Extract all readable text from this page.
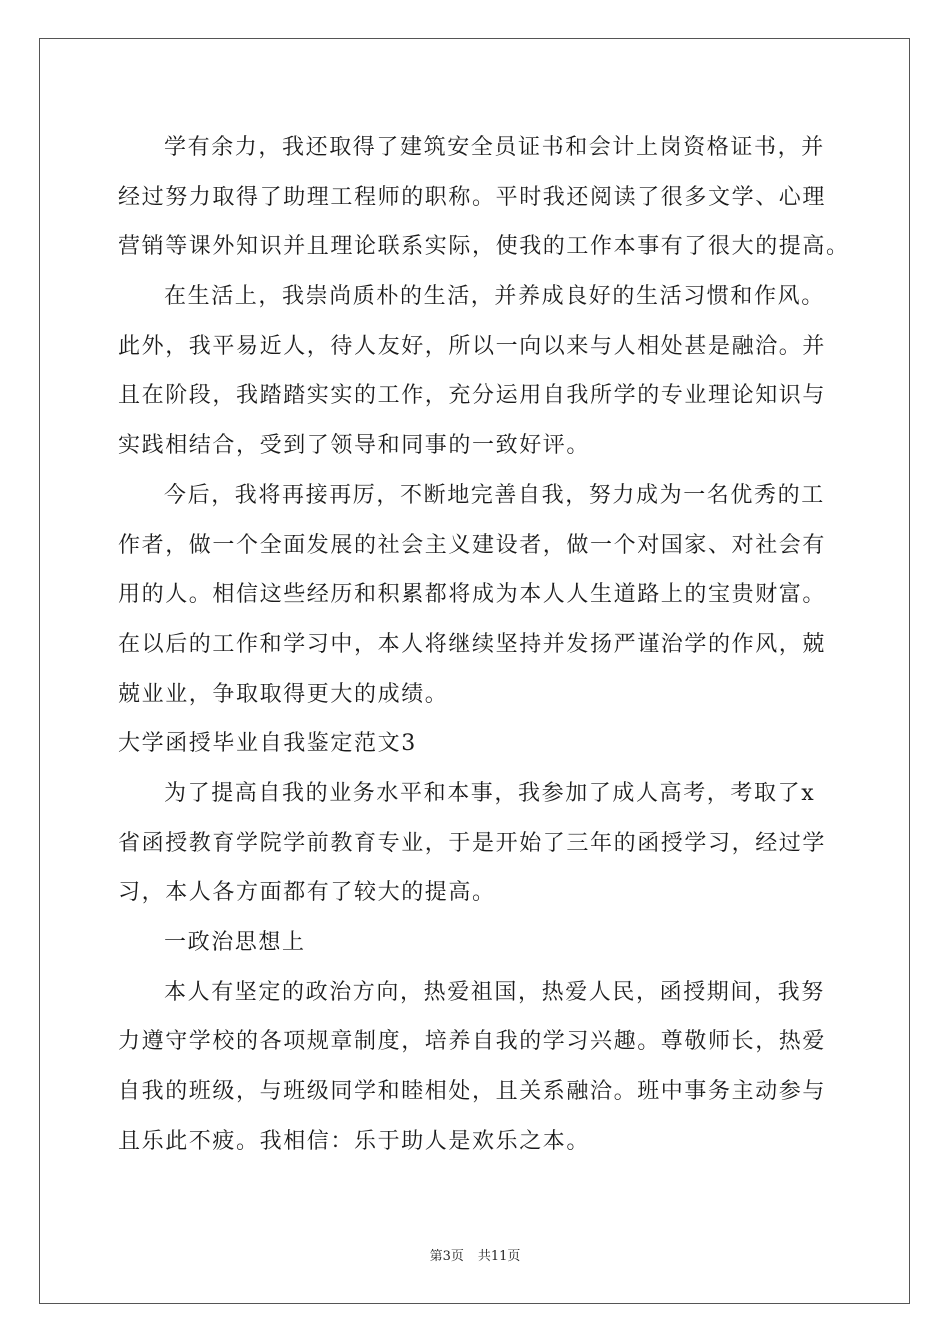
学有余力，我还取得了建筑安全员证书和会计上岗资格证书，并
经过努力取得了助理工程师的职称。平时我还阅读了很多文学、心理
营销等课外知识并且理论联系实际，使我的工作本事有了很大的提高。
在生活上，我崇尚质朴的生活，并养成良好的生活习惯和作风。
此外，我平易近人，待人友好，所以一向以来与人相处甚是融洽。并
且在阶段，我踏踏实实的工作，充分运用自我所学的专业理论知识与
实践相结合，受到了领导和同事的一致好评。
今后，我将再接再厉，不断地完善自我，努力成为一名优秀的工
作者，做一个全面发展的社会主义建设者，做一个对国家、对社会有
用的人。相信这些经历和积累都将成为本人人生道路上的宝贵财富。
在以后的工作和学习中，本人将继续坚持并发扬严谨治学的作风，兢
兢业业，争取取得更大的成绩。
大学函授毕业自我鉴定范文3
为了提高自我的业务水平和本事，我参加了成人高考，考取了x
省函授教育学院学前教育专业，于是开始了三年的函授学习，经过学
习，本人各方面都有了较大的提高。
一政治思想上
本人有坚定的政治方向，热爱祖国，热爱人民，函授期间，我努
力遵守学校的各项规章制度，培养自我的学习兴趣。尊敬师长，热爱
自我的班级，与班级同学和睦相处，且关系融洽。班中事务主动参与
且乐此不疲。我相信：乐于助人是欢乐之本。
第3页 共11页
